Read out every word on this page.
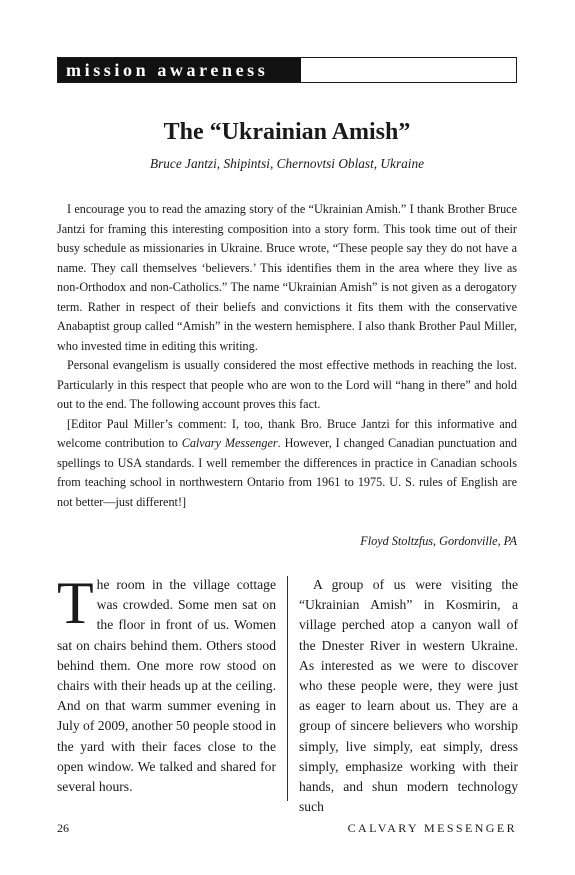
mission awareness
The “Ukrainian Amish”

Bruce Jantzi, Shipintsi, Chernovtsi Oblast, Ukraine

I encourage you to read the amazing story of the “Ukrainian Amish.” I thank Brother Bruce Jantzi for framing this interesting composition into a story form. This took time out of their busy schedule as missionaries in Ukraine. Bruce wrote, “These people say they do not have a name. They call themselves ‘believers.’ This identifies them in the area where they live as non-Orthodox and non-Catholics.” The name “Ukrainian Amish” is not given as a derogatory term. Rather in respect of their beliefs and convictions it fits them with the conservative Anabaptist group called “Amish” in the western hemisphere. I also thank Brother Paul Miller, who invested time in editing this writing.

Personal evangelism is usually considered the most effective methods in reaching the lost. Particularly in this respect that people who are won to the Lord will “hang in there” and hold out to the end. The following account proves this fact.

[Editor Paul Miller’s comment: I, too, thank Bro. Bruce Jantzi for this informative and welcome contribution to Calvary Messenger. However, I changed Canadian punctuation and spellings to USA standards. I well remember the differences in practice in Canadian schools from teaching school in northwestern Ontario from 1961 to 1975. U. S. rules of English are not better—just different!]

Floyd Stoltzfus, Gordonville, PA

The room in the village cottage was crowded. Some men sat on the floor in front of us. Women sat on chairs behind them. Others stood behind them. One more row stood on chairs with their heads up at the ceiling. And on that warm summer evening in July of 2009, another 50 people stood in the yard with their faces close to the open window. We talked and shared for several hours.

A group of us were visiting the “Ukrainian Amish” in Kosmirin, a village perched atop a canyon wall of the Dnester River in western Ukraine. As interested as we were to discover who these people were, they were just as eager to learn about us. They are a group of sincere believers who worship simply, live simply, eat simply, dress simply, emphasize working with their hands, and shun modern technology such

26	CALVARY MESSENGER
